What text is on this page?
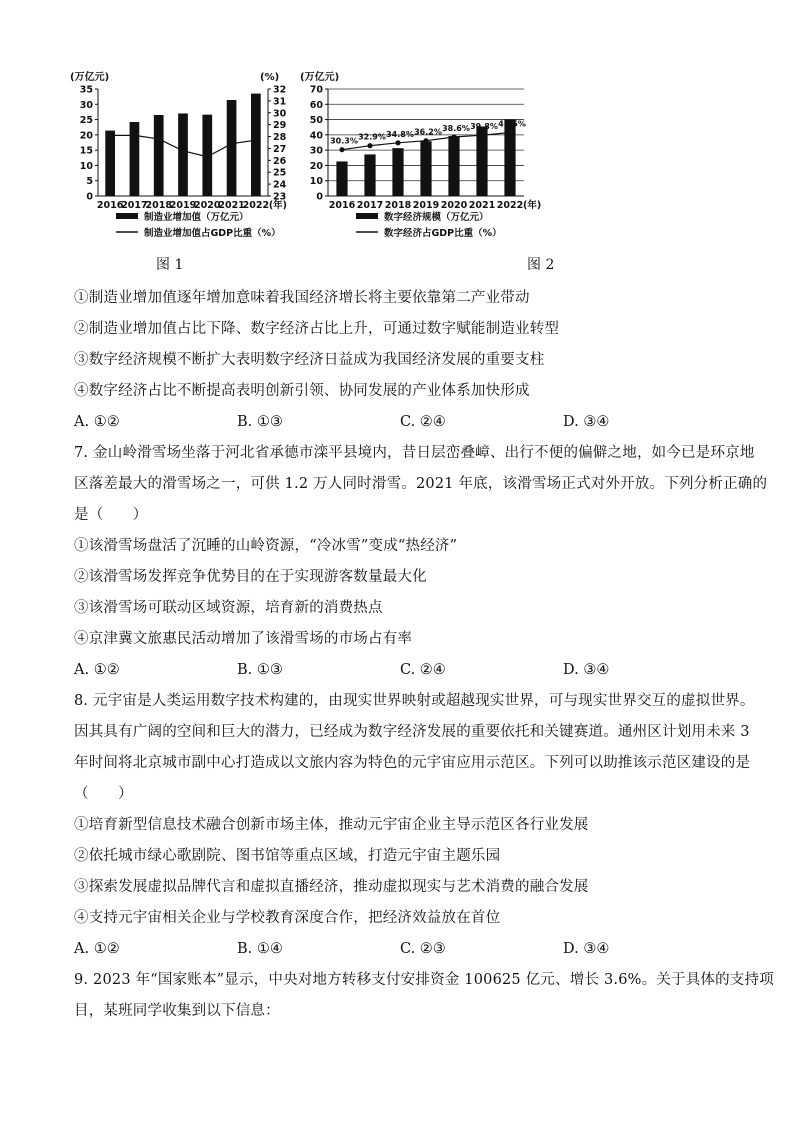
(万亿元)	(%)
0
5
10
15
20
25
30
35
23
24
25
26
27
28
29
30
31
32
2016
2017
2018
2019
2020
2021
2022 (年)
制造业增加值（万亿元）
制造业增加值占GDP比重（%）
图 1
(万亿元)
0
10
20
30
40
50
60
70
2016 2017 2018 2019 2020 2021 2022 (年)
30.3% 32.9% 34.8% 36.2% 38.6% 39.8% 41.5%
数字经济规模（万亿元）
数字经济占GDP比重（%）
图 2
①制造业增加值逐年增加意味着我国经济增长将主要依靠第二产业带动
②制造业增加值占比下降、数字经济占比上升，可通过数字赋能制造业转型
③数字经济规模不断扩大表明数字经济日益成为我国经济发展的重要支柱
④数字经济占比不断提高表明创新引领、协同发展的产业体系加快形成
A. ①②	B. ①③	C. ②④	D. ③④
7. 金山岭滑雪场坐落于河北省承德市滦平县境内，昔日层峦叠嶂、出行不便的偏僻之地，如今已是环京地
区落差最大的滑雪场之一，可供 1.2 万人同时滑雪。2021 年底，该滑雪场正式对外开放。下列分析正确的
是（　　）
①该滑雪场盘活了沉睡的山岭资源，“冷冰雪”变成“热经济”
②该滑雪场发挥竞争优势目的在于实现游客数量最大化
③该滑雪场可联动区域资源，培育新的消费热点
④京津冀文旅惠民活动增加了该滑雪场的市场占有率
A. ①②	B. ①③	C. ②④	D. ③④
8. 元宇宙是人类运用数字技术构建的，由现实世界映射或超越现实世界，可与现实世界交互的虚拟世界。
因其具有广阔的空间和巨大的潜力，已经成为数字经济发展的重要依托和关键赛道。通州区计划用未来 3
年时间将北京城市副中心打造成以文旅内容为特色的元宇宙应用示范区。下列可以助推该示范区建设的是
（　　）
①培育新型信息技术融合创新市场主体，推动元宇宙企业主导示范区各行业发展
②依托城市绿心歌剧院、图书馆等重点区域，打造元宇宙主题乐园
③探索发展虚拟品牌代言和虚拟直播经济，推动虚拟现实与艺术消费的融合发展
④支持元宇宙相关企业与学校教育深度合作，把经济效益放在首位
A. ①②	B. ①④	C. ②③	D. ③④
9. 2023 年“国家账本”显示，中央对地方转移支付安排资金 100625 亿元、增长 3.6%。关于具体的支持项
目，某班同学收集到以下信息：
